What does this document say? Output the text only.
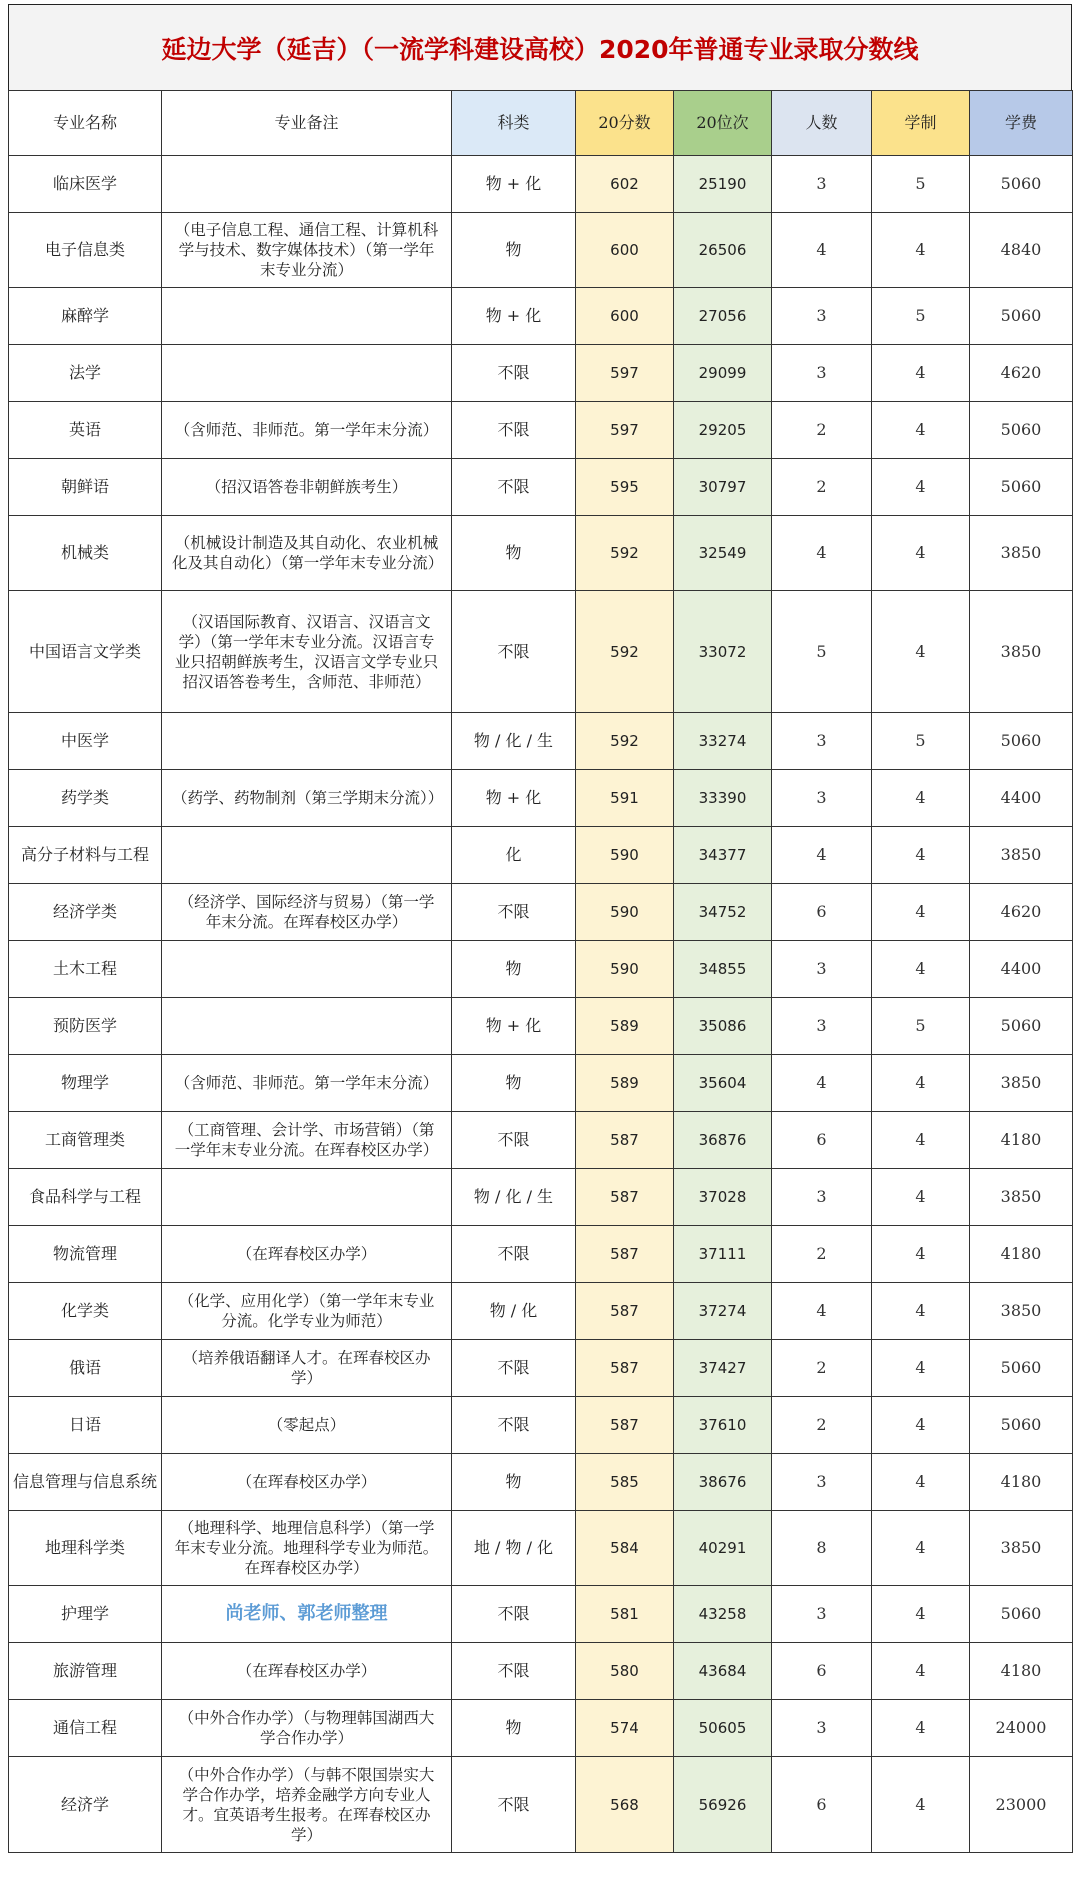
延边大学（延吉）（一流学科建设高校）2020年普通专业录取分数线
专业名称	专业备注	科类	20分数	20位次	人数	学制	学费
临床医学		物 + 化	602	25190	3	5	5060
电子信息类	（电子信息工程、通信工程、计算机科学与技术、数字媒体技术）（第一学年末专业分流）	物	600	26506	4	4	4840
麻醉学		物 + 化	600	27056	3	5	5060
法学		不限	597	29099	3	4	4620
英语	（含师范、非师范。第一学年末分流）	不限	597	29205	2	4	5060
朝鲜语	（招汉语答卷非朝鲜族考生）	不限	595	30797	2	4	5060
机械类	（机械设计制造及其自动化、农业机械化及其自动化）（第一学年末专业分流）	物	592	32549	4	4	3850
中国语言文学类	（汉语国际教育、汉语言、汉语言文学）（第一学年末专业分流。汉语言专业只招朝鲜族考生，汉语言文学专业只招汉语答卷考生，含师范、非师范）	不限	592	33072	5	4	3850
中医学		物 / 化 / 生	592	33274	3	5	5060
药学类	（药学、药物制剂（第三学期末分流））	物 + 化	591	33390	3	4	4400
高分子材料与工程		化	590	34377	4	4	3850
经济学类	（经济学、国际经济与贸易）（第一学年末分流。在珲春校区办学）	不限	590	34752	6	4	4620
土木工程		物	590	34855	3	4	4400
预防医学		物 + 化	589	35086	3	5	5060
物理学	（含师范、非师范。第一学年末分流）	物	589	35604	4	4	3850
工商管理类	（工商管理、会计学、市场营销）（第一学年末专业分流。在珲春校区办学）	不限	587	36876	6	4	4180
食品科学与工程		物 / 化 / 生	587	37028	3	4	3850
物流管理	（在珲春校区办学）	不限	587	37111	2	4	4180
化学类	（化学、应用化学）（第一学年末专业分流。化学专业为师范）	物 / 化	587	37274	4	4	3850
俄语	（培养俄语翻译人才。在珲春校区办学）	不限	587	37427	2	4	5060
日语	（零起点）	不限	587	37610	2	4	5060
信息管理与信息系统	（在珲春校区办学）	物	585	38676	3	4	4180
地理科学类	（地理科学、地理信息科学）（第一学年末专业分流。地理科学专业为师范。在珲春校区办学）	地 / 物 / 化	584	40291	8	4	3850
护理学	尚老师、郭老师整理	不限	581	43258	3	4	5060
旅游管理	（在珲春校区办学）	不限	580	43684	6	4	4180
通信工程	（中外合作办学）（与物理韩国湖西大学合作办学）	物	574	50605	3	4	24000
经济学	（中外合作办学）（与韩不限国崇实大学合作办学，培养金融学方向专业人才。宜英语考生报考。在珲春校区办学）	不限	568	56926	6	4	23000
